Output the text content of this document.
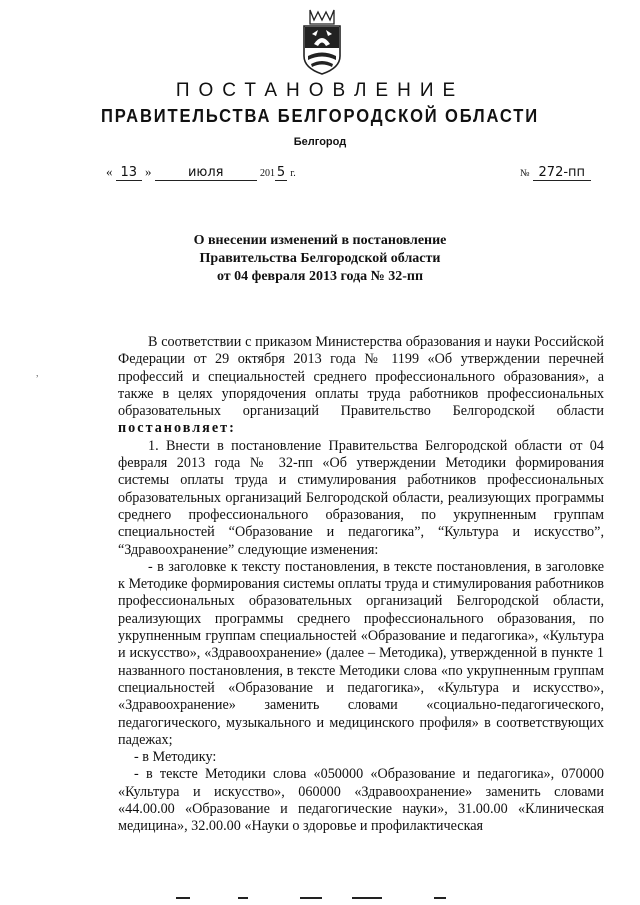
ПОСТАНОВЛЕНИЕ
ПРАВИТЕЛЬСТВА БЕЛГОРОДСКОЙ ОБЛАСТИ
Белгород
« 13 »	июля	201 5 г.	№ 272-пп
О внесении изменений в постановление
Правительства Белгородской области
от 04 февраля 2013 года № 32-пп
,

В соответствии с приказом Министерства образования и науки Российской Федерации от 29 октября 2013 года № 1199 «Об утверждении перечней профессий и специальностей среднего профессионального образования», а также в целях упорядочения оплаты труда работников профессиональных образовательных организаций Правительство Белгородской области постановляет:

1. Внести в постановление Правительства Белгородской области от 04 февраля 2013 года № 32-пп «Об утверждении Методики формирования системы оплаты труда и стимулирования работников профессиональных образовательных организаций Белгородской области, реализующих программы среднего профессионального образования, по укрупненным группам специальностей “Образование и педагогика”, “Культура и искусство”, “Здравоохранение” следующие изменения:

- в заголовке к тексту постановления, в тексте постановления, в заголовке к Методике формирования системы оплаты труда и стимулирования работников профессиональных образовательных организаций Белгородской области, реализующих программы среднего профессионального образования, по укрупненным группам специальностей «Образование и педагогика», «Культура и искусство», «Здравоохранение» (далее – Методика), утвержденной в пункте 1 названного постановления, в тексте Методики слова «по укрупненным группам специальностей «Образование и педагогика», «Культура и искусство», «Здравоохранение» заменить словами «социально-педагогического, педагогического, музыкального и медицинского профиля» в соответствующих падежах;

- в Методику:

- в тексте Методики слова «050000 «Образование и педагогика», 070000 «Культура и искусство», 060000 «Здравоохранение» заменить словами «44.00.00 «Образование и педагогические науки», 31.00.00 «Клиническая медицина», 32.00.00 «Науки о здоровье и профилактическая
